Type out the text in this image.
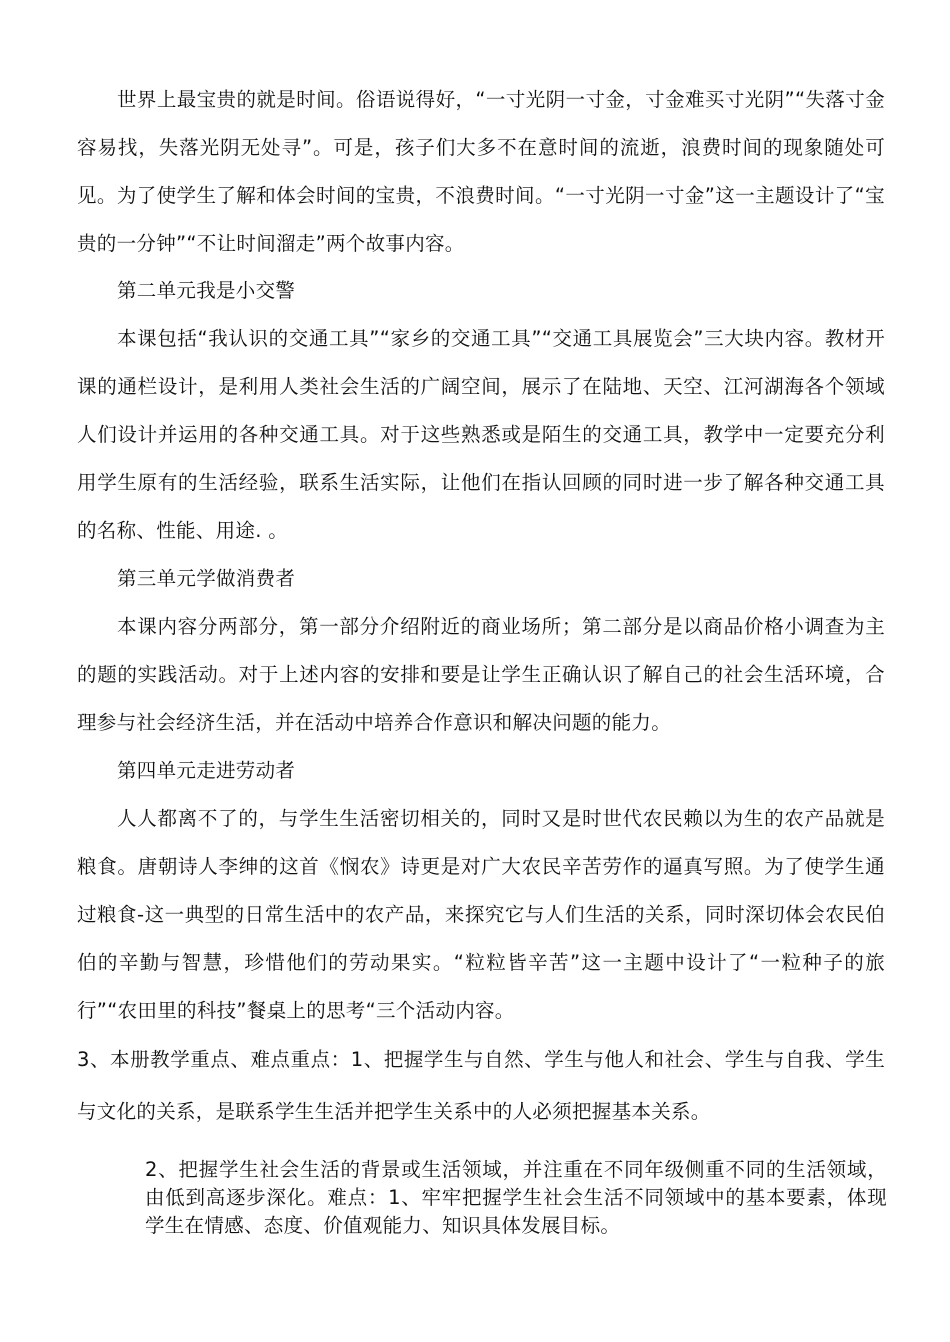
世界上最宝贵的就是时间。俗语说得好，“一寸光阴一寸金，寸金难买寸光阴”“失落寸金容易找，失落光阴无处寻”。可是，孩子们大多不在意时间的流逝，浪费时间的现象随处可见。为了使学生了解和体会时间的宝贵，不浪费时间。“一寸光阴一寸金”这一主题设计了“宝贵的一分钟”“不让时间溜走”两个故事内容。

第二单元我是小交警

本课包括“我认识的交通工具”“家乡的交通工具”“交通工具展览会”三大块内容。教材开课的通栏设计，是利用人类社会生活的广阔空间，展示了在陆地、天空、江河湖海各个领域人们设计并运用的各种交通工具。对于这些熟悉或是陌生的交通工具，教学中一定要充分利用学生原有的生活经验，联系生活实际，让他们在指认回顾的同时进一步了解各种交通工具的名称、性能、用途. 。

第三单元学做消费者

本课内容分两部分，第一部分介绍附近的商业场所；第二部分是以商品价格小调查为主的题的实践活动。对于上述内容的安排和要是让学生正确认识了解自己的社会生活环境，合理参与社会经济生活，并在活动中培养合作意识和解决问题的能力。

第四单元走进劳动者

人人都离不了的，与学生生活密切相关的，同时又是时世代农民赖以为生的农产品就是粮食。唐朝诗人李绅的这首《悯农》诗更是对广大农民辛苦劳作的逼真写照。为了使学生通过粮食-这一典型的日常生活中的农产品，来探究它与人们生活的关系，同时深切体会农民伯伯的辛勤与智慧，珍惜他们的劳动果实。“粒粒皆辛苦”这一主题中设计了“一粒种子的旅行”“农田里的科技”餐桌上的思考“三个活动内容。

3、本册教学重点、难点重点：1、把握学生与自然、学生与他人和社会、学生与自我、学生与文化的关系，是联系学生生活并把学生关系中的人必须把握基本关系。

2、把握学生社会生活的背景或生活领域，并注重在不同年级侧重不同的生活领域，由低到高逐步深化。难点：1、牢牢把握学生社会生活不同领域中的基本要素，体现学生在情感、态度、价值观能力、知识具体发展目标。
